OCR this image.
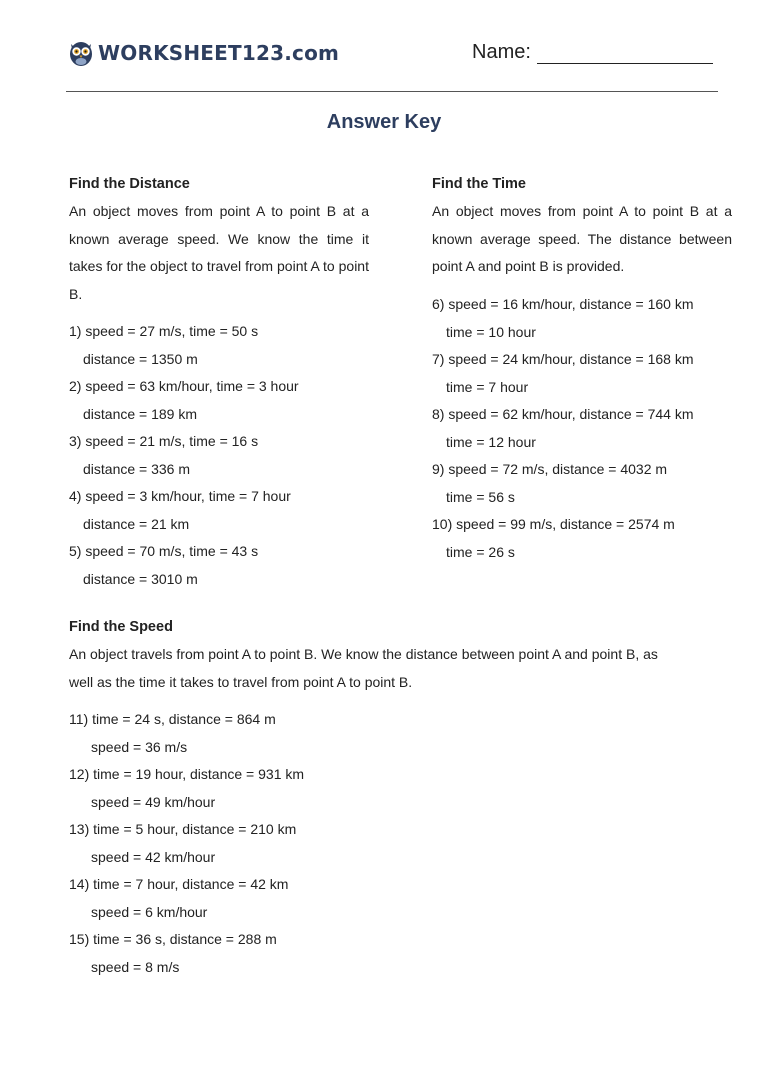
WORKSHEET123.com	Name:
Answer Key
Find the Distance
An object moves from point A to point B at a known average speed. We know the time it takes for the object to travel from point A to point B.
1) speed = 27 m/s, time = 50 s
distance = 1350 m
2) speed = 63 km/hour, time = 3 hour
distance = 189 km
3) speed = 21 m/s, time = 16 s
distance = 336 m
4) speed = 3 km/hour, time = 7 hour
distance = 21 km
5) speed = 70 m/s, time = 43 s
distance = 3010 m
Find the Time
An object moves from point A to point B at a known average speed. The distance between point A and point B is provided.
6) speed = 16 km/hour, distance = 160 km
time = 10 hour
7) speed = 24 km/hour, distance = 168 km
time = 7 hour
8) speed = 62 km/hour, distance = 744 km
time = 12 hour
9) speed = 72 m/s, distance = 4032 m
time = 56 s
10) speed = 99 m/s, distance = 2574 m
time = 26 s
Find the Speed
An object travels from point A to point B. We know the distance between point A and point B, as
well as the time it takes to travel from point A to point B.
11) time = 24 s, distance = 864 m
speed = 36 m/s
12) time = 19 hour, distance = 931 km
speed = 49 km/hour
13) time = 5 hour, distance = 210 km
speed = 42 km/hour
14) time = 7 hour, distance = 42 km
speed = 6 km/hour
15) time = 36 s, distance = 288 m
speed = 8 m/s
